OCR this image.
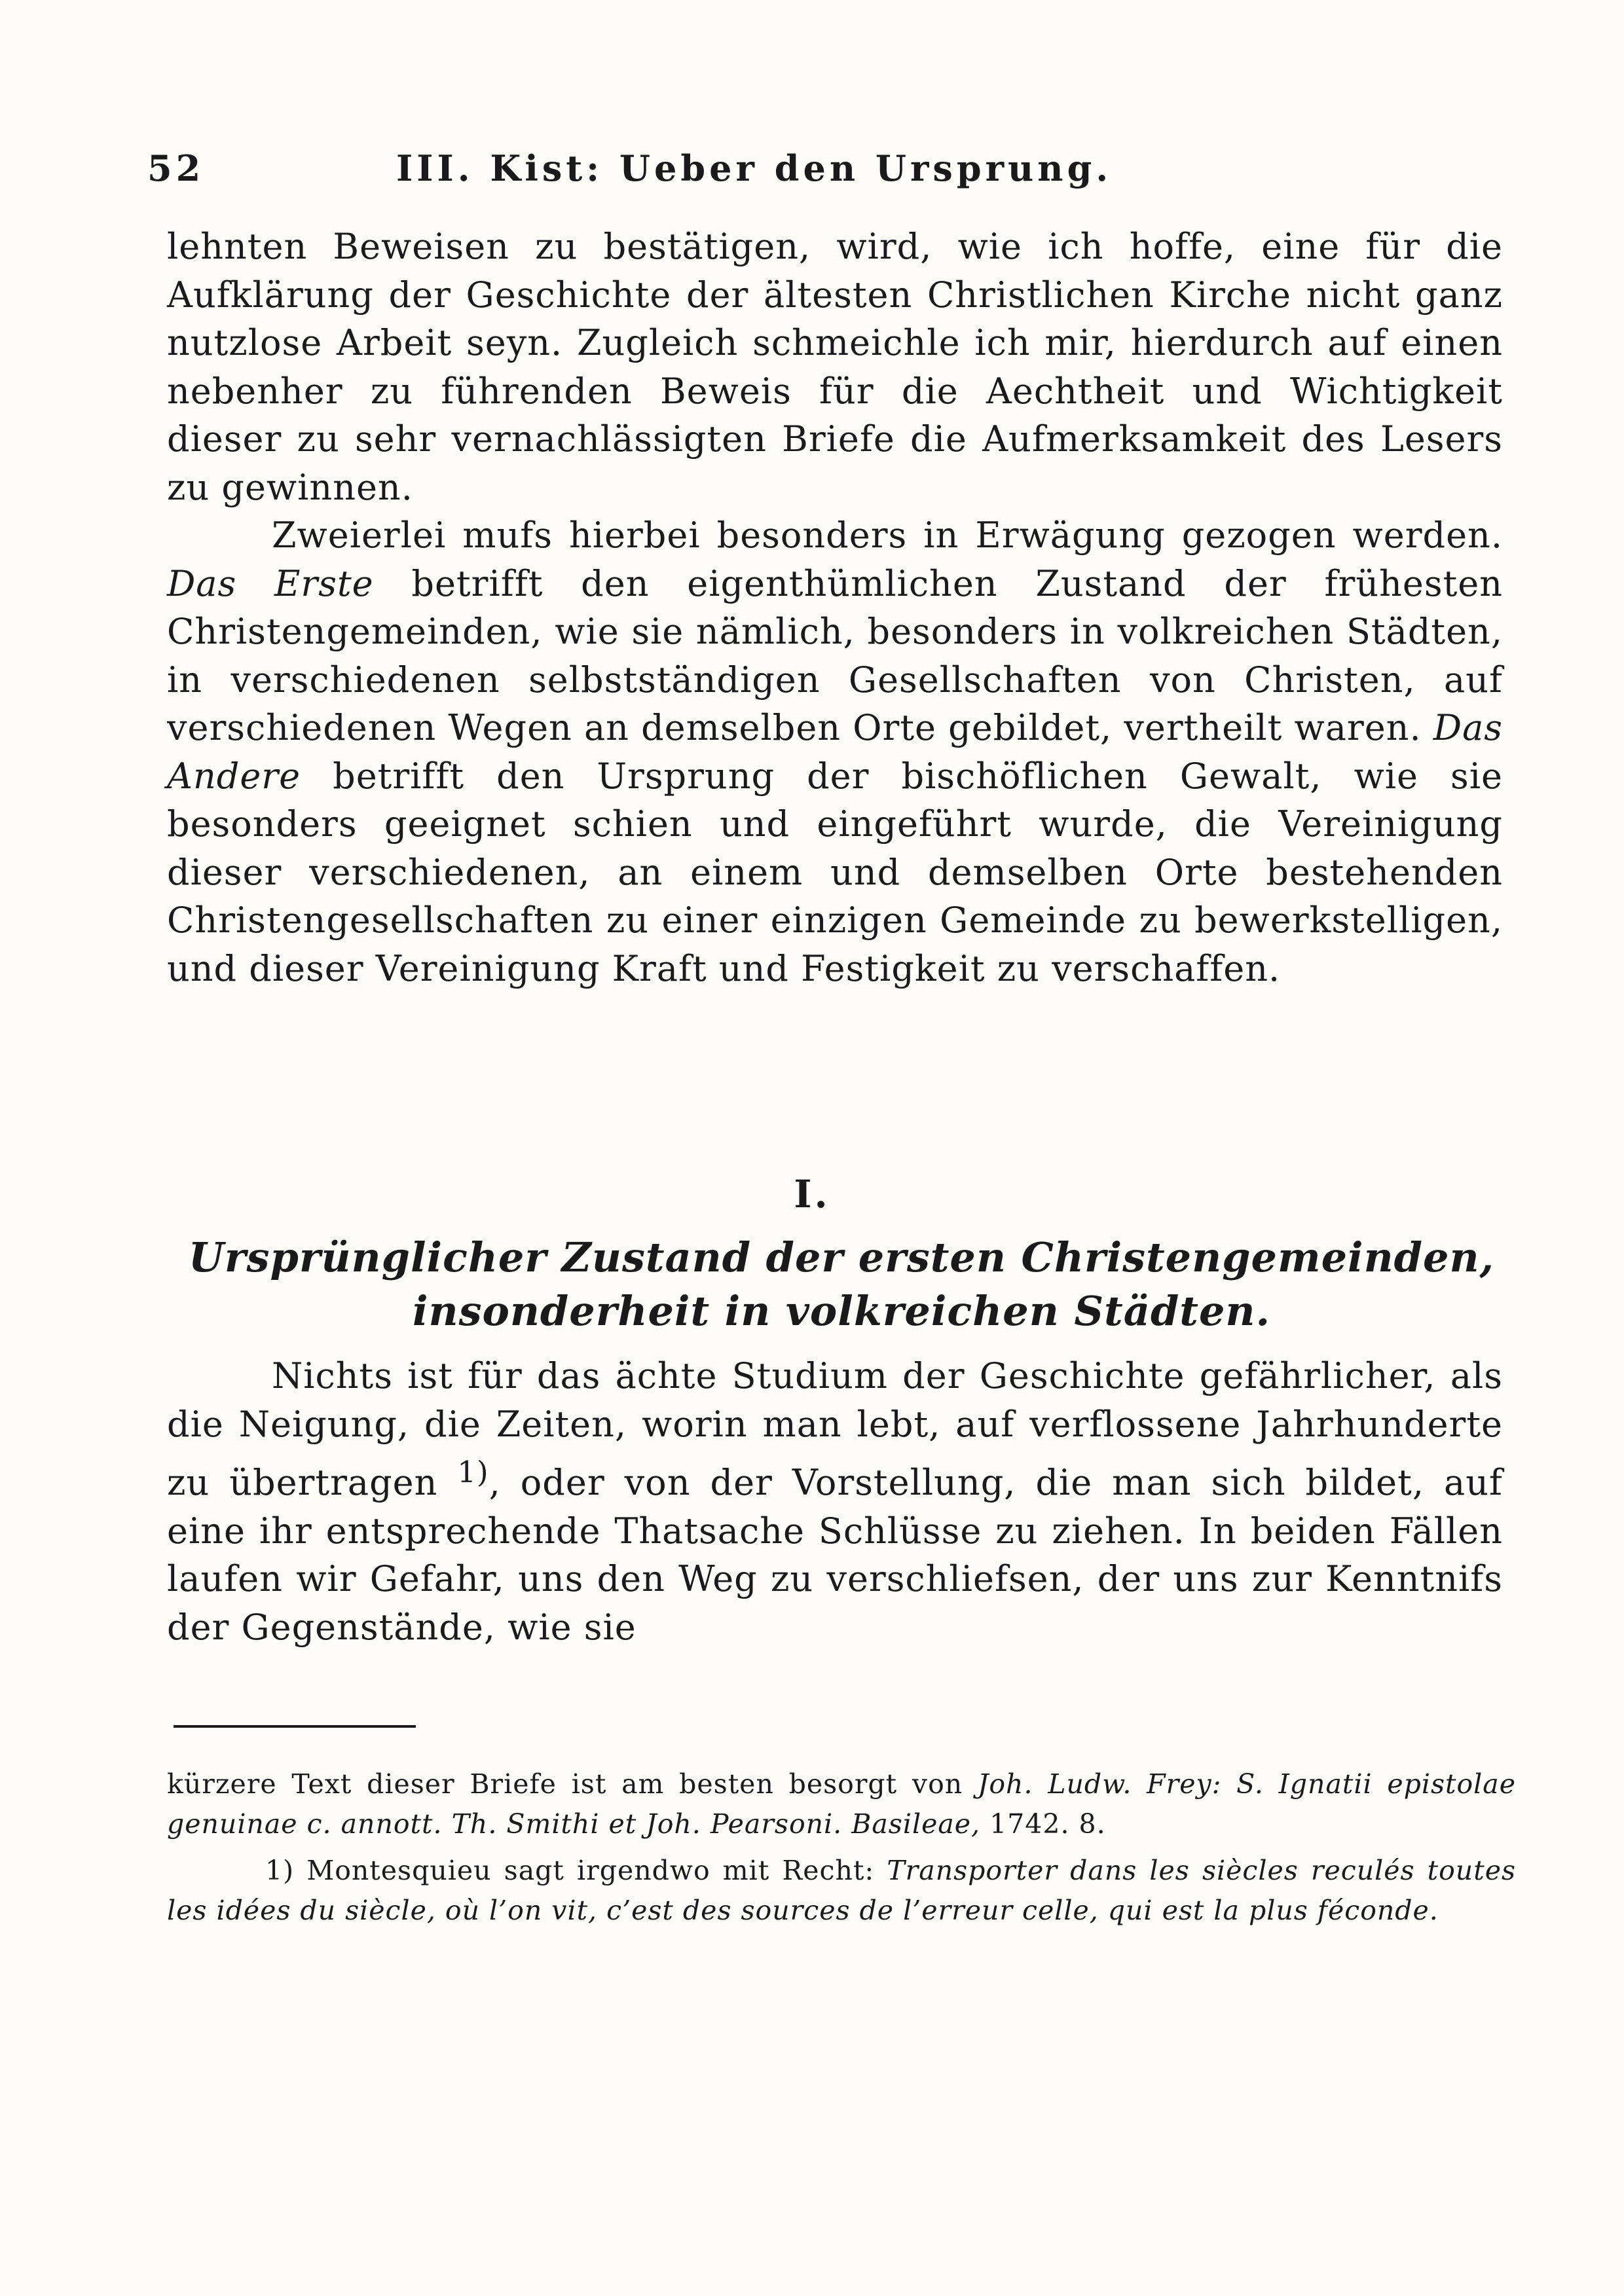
52	III. Kist: Ueber den Ursprung.

lehnten Beweisen zu bestätigen, wird, wie ich hoffe, eine für die Aufklärung der Geschichte der ältesten Christlichen Kirche nicht ganz nutzlose Arbeit seyn. Zugleich schmeichle ich mir, hierdurch auf einen nebenher zu führenden Beweis für die Aechtheit und Wichtigkeit dieser zu sehr vernachlässigten Briefe die Aufmerksamkeit des Lesers zu gewinnen.

Zweierlei mufs hierbei besonders in Erwägung gezogen werden. Das Erste betrifft den eigenthümlichen Zustand der frühesten Christengemeinden, wie sie nämlich, besonders in volkreichen Städten, in verschiedenen selbstständigen Gesellschaften von Christen, auf verschiedenen Wegen an demselben Orte gebildet, vertheilt waren. Das Andere betrifft den Ursprung der bischöflichen Gewalt, wie sie besonders geeignet schien und eingeführt wurde, die Vereinigung dieser verschiedenen, an einem und demselben Orte bestehenden Christengesellschaften zu einer einzigen Gemeinde zu bewerkstelligen, und dieser Vereinigung Kraft und Festigkeit zu verschaffen.

I.
Ursprünglicher Zustand der ersten Christengemeinden, insonderheit in volkreichen Städten.

Nichts ist für das ächte Studium der Geschichte gefährlicher, als die Neigung, die Zeiten, worin man lebt, auf verflossene Jahrhunderte zu übertragen $^{1)}$, oder von der Vorstellung, die man sich bildet, auf eine ihr entsprechende Thatsache Schlüsse zu ziehen. In beiden Fällen laufen wir Gefahr, uns den Weg zu verschliefsen, der uns zur Kenntnifs der Gegenstände, wie sie

kürzere Text dieser Briefe ist am besten besorgt von Joh. Ludw. Frey: S. Ignatii epistolae genuinae c. annott. Th. Smithi et Joh. Pearsoni. Basileae, 1742. 8.

1) Montesquieu sagt irgendwo mit Recht: Transporter dans les siècles reculés toutes les idées du siècle, où l’on vit, c’est des sources de l’erreur celle, qui est la plus féconde.
